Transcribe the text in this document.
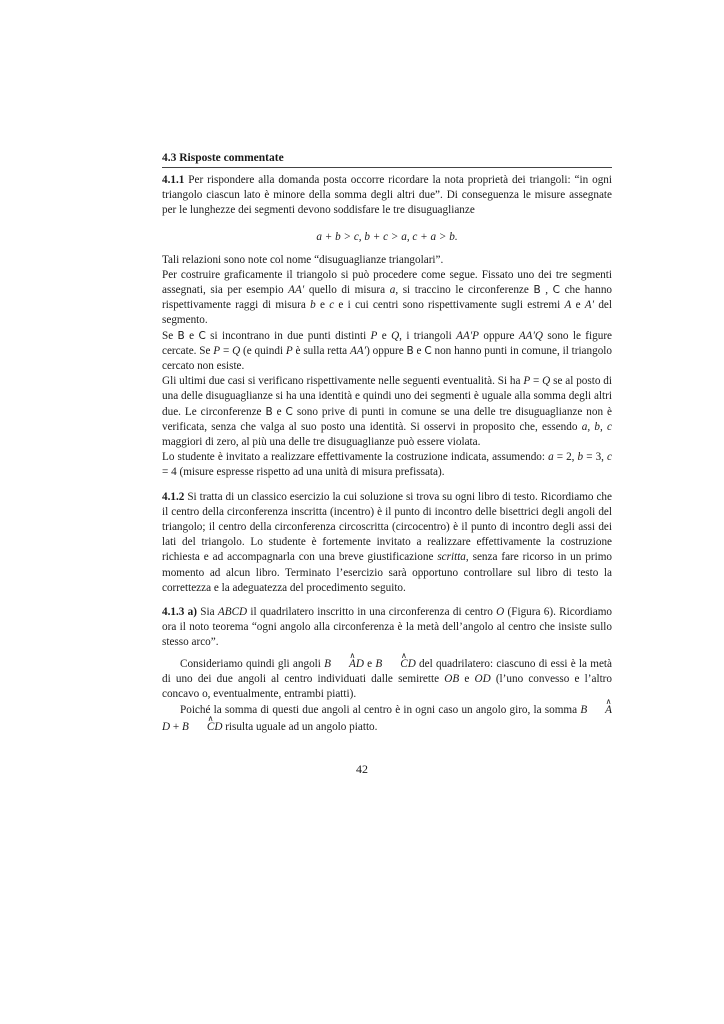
4.3 Risposte commentate

4.1.1 Per rispondere alla domanda posta occorre ricordare la nota proprietà dei triangoli: “in ogni triangolo ciascun lato è minore della somma degli altri due”. Di conseguenza le misure assegnate per le lunghezze dei segmenti devono soddisfare le tre disuguaglianze

a + b > c, b + c > a, c + a > b.

Tali relazioni sono note col nome “disuguaglianze triangolari”.

Per costruire graficamente il triangolo si può procedere come segue. Fissato uno dei tre segmenti assegnati, sia per esempio AA′ quello di misura a, si traccino le circonferenze B , C che hanno rispettivamente raggi di misura b e c e i cui centri sono rispettivamente sugli estremi A e A′ del segmento.

Se B e C si incontrano in due punti distinti P e Q, i triangoli AA′P oppure AA′Q sono le figure cercate. Se P = Q (e quindi P è sulla retta AA′) oppure B e C non hanno punti in comune, il triangolo cercato non esiste.

Gli ultimi due casi si verificano rispettivamente nelle seguenti eventualità. Si ha P = Q se al posto di una delle disuguaglianze si ha una identità e quindi uno dei segmenti è uguale alla somma degli altri due. Le circonferenze B e C sono prive di punti in comune se una delle tre disuguaglianze non è verificata, senza che valga al suo posto una identità. Si osservi in proposito che, essendo a, b, c maggiori di zero, al più una delle tre disuguaglianze può essere violata.

Lo studente è invitato a realizzare effettivamente la costruzione indicata, assumendo: a = 2, b = 3, c = 4 (misure espresse rispetto ad una unità di misura prefissata).

4.1.2 Si tratta di un classico esercizio la cui soluzione si trova su ogni libro di testo. Ricordiamo che il centro della circonferenza inscritta (incentro) è il punto di incontro delle bisettrici degli angoli del triangolo; il centro della circonferenza circoscritta (circocentro) è il punto di incontro degli assi dei lati del triangolo. Lo studente è fortemente invitato a realizzare effettivamente la costruzione richiesta e ad accompagnarla con una breve giustificazione scritta, senza fare ricorso in un primo momento ad alcun libro. Terminato l’esercizio sarà opportuno controllare sul libro di testo la correttezza e la adeguatezza del procedimento seguito.

4.1.3 a) Sia ABCD il quadrilatero inscritto in una circonferenza di centro O (Figura 6). Ricordiamo ora il noto teorema “ogni angolo alla circonferenza è la metà dell’angolo al centro che insiste sullo stesso arco”.

Consideriamo quindi gli angoli B ∧ AD e B ∧ CD del quadrilatero: ciascuno di essi è la metà di uno dei due angoli al centro individuati dalle semirette OB e OD (l’uno convesso e l’altro concavo o, eventualmente, entrambi piatti).

Poiché la somma di questi due angoli al centro è in ogni caso un angolo giro, la somma B ∧ AD + B ∧ CD risulta uguale ad un angolo piatto.

42
